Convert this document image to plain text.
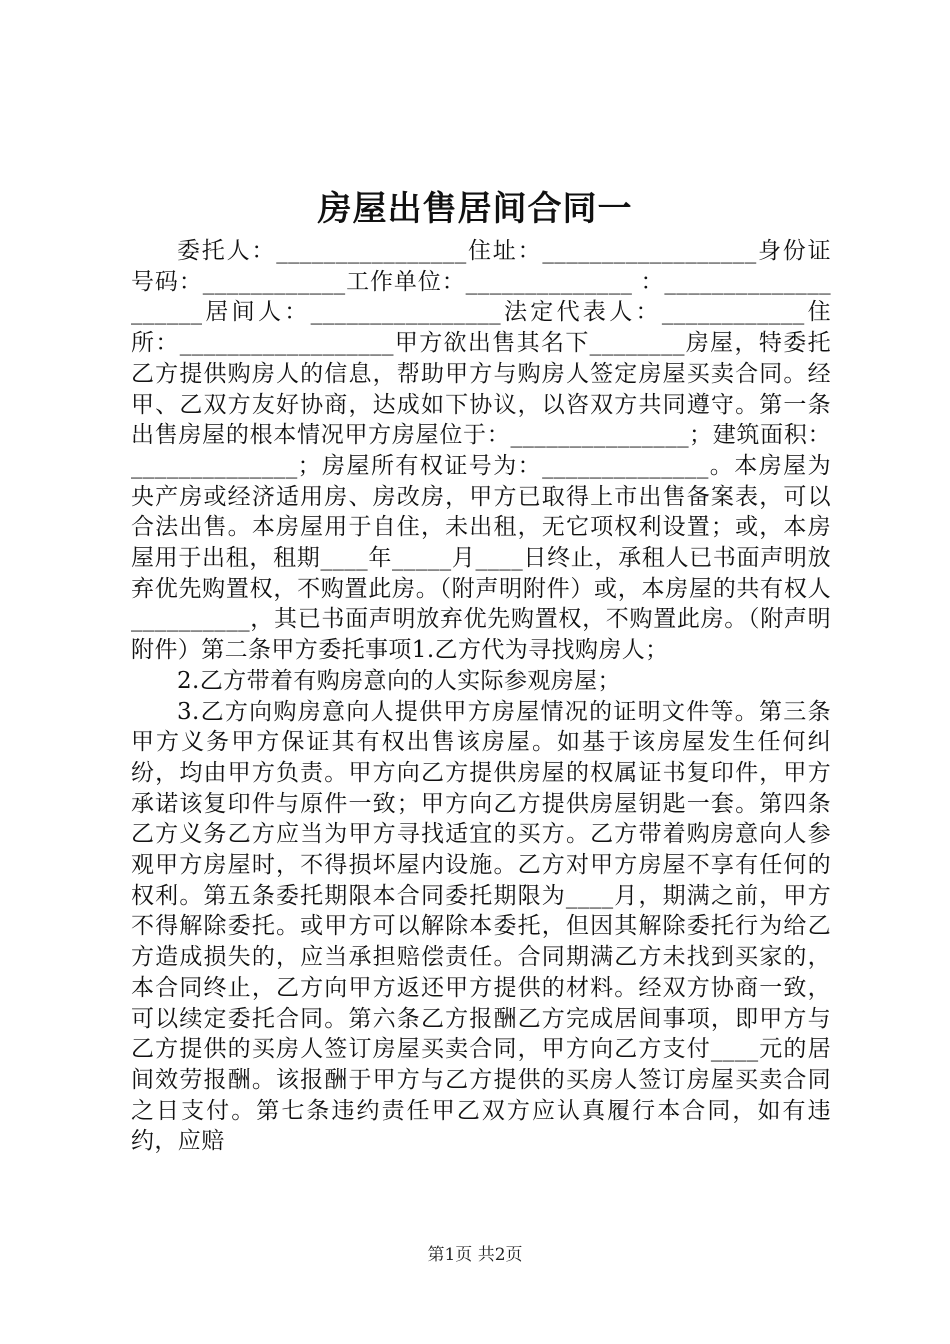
房屋出售居间合同一

委托人：________________住址：__________________身份证号码：____________工作单位：______________ ：____________________居间人：________________法定代表人：____________住所：__________________甲方欲出售其名下________房屋，特委托乙方提供购房人的信息，帮助甲方与购房人签定房屋买卖合同。经甲、乙双方友好协商，达成如下协议，以咨双方共同遵守。第一条出售房屋的根本情况甲方房屋位于：_______________；建筑面积：______________；房屋所有权证号为：______________。本房屋为央产房或经济适用房、房改房，甲方已取得上市出售备案表，可以合法出售。本房屋用于自住，未出租，无它项权利设置；或，本房屋用于出租，租期____年_____月____日终止，承租人已书面声明放弃优先购置权，不购置此房。（附声明附件）或，本房屋的共有权人__________，其已书面声明放弃优先购置权，不购置此房。（附声明附件）第二条甲方委托事项1.乙方代为寻找购房人；

2.乙方带着有购房意向的人实际参观房屋；

3.乙方向购房意向人提供甲方房屋情况的证明文件等。第三条甲方义务甲方保证其有权出售该房屋。如基于该房屋发生任何纠纷，均由甲方负责。甲方向乙方提供房屋的权属证书复印件，甲方承诺该复印件与原件一致；甲方向乙方提供房屋钥匙一套。第四条乙方义务乙方应当为甲方寻找适宜的买方。乙方带着购房意向人参观甲方房屋时，不得损坏屋内设施。乙方对甲方房屋不享有任何的权利。第五条委托期限本合同委托期限为____月，期满之前，甲方不得解除委托。或甲方可以解除本委托，但因其解除委托行为给乙方造成损失的，应当承担赔偿责任。合同期满乙方未找到买家的，本合同终止，乙方向甲方返还甲方提供的材料。经双方协商一致，可以续定委托合同。第六条乙方报酬乙方完成居间事项，即甲方与乙方提供的买房人签订房屋买卖合同，甲方向乙方支付____元的居间效劳报酬。该报酬于甲方与乙方提供的买房人签订房屋买卖合同之日支付。第七条违约责任甲乙双方应认真履行本合同，如有违约，应赔

第1页 共2页
